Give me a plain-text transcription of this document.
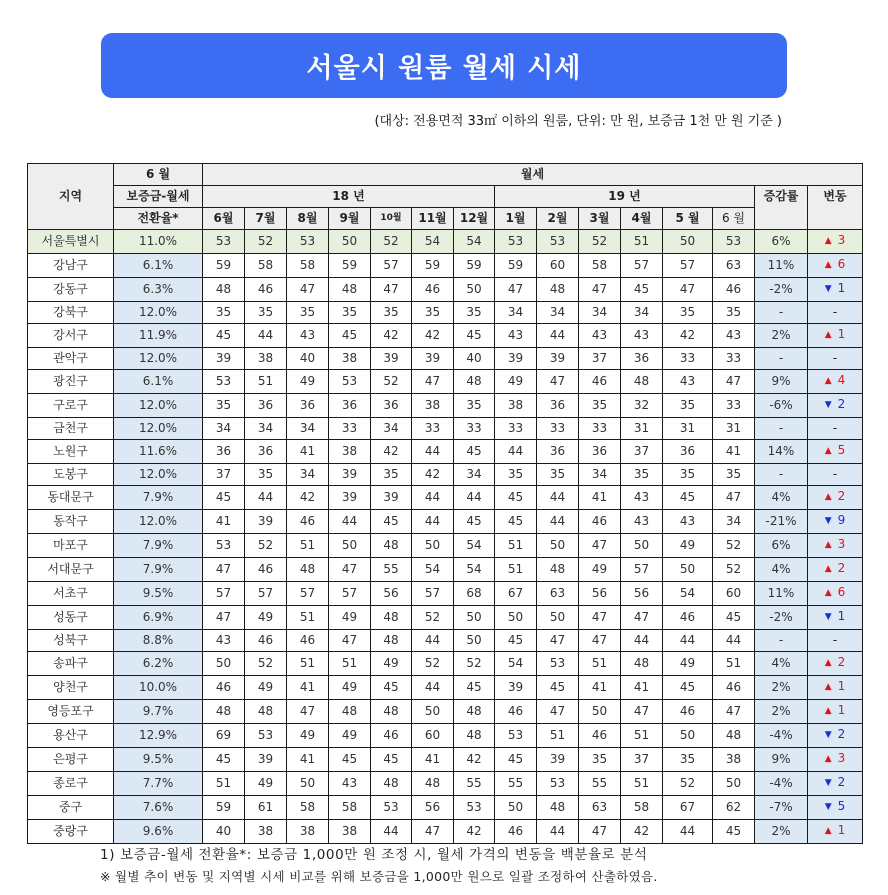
서울시 원룸 월세 시세
(대상: 전용면적 33㎡ 이하의 원룸, 단위: 만 원, 보증금 1천 만 원 기준 )
지역	6 월	월세														
	보증금-월세	18 년							19 년						증감률	변동
	전환율*	6월	7월	8월	9월	10월	11월	12월	1월	2월	3월	4월	5 월	6 월		
서울특별시	11.0%	53	52	53	50	52	54	54	53	53	52	51	50	53	6%	▲ 3
강남구	6.1%	59	58	58	59	57	59	59	59	60	58	57	57	63	11%	▲ 6
강동구	6.3%	48	46	47	48	47	46	50	47	48	47	45	47	46	-2%	▼ 1
강북구	12.0%	35	35	35	35	35	35	35	34	34	34	34	35	35	-	-
강서구	11.9%	45	44	43	45	42	42	45	43	44	43	43	42	43	2%	▲ 1
관악구	12.0%	39	38	40	38	39	39	40	39	39	37	36	33	33	-	-
광진구	6.1%	53	51	49	53	52	47	48	49	47	46	48	43	47	9%	▲ 4
구로구	12.0%	35	36	36	36	36	38	35	38	36	35	32	35	33	-6%	▼ 2
금천구	12.0%	34	34	34	33	34	33	33	33	33	33	31	31	31	-	-
노원구	11.6%	36	36	41	38	42	44	45	44	36	36	37	36	41	14%	▲ 5
도봉구	12.0%	37	35	34	39	35	42	34	35	35	34	35	35	35	-	-
동대문구	7.9%	45	44	42	39	39	44	44	45	44	41	43	45	47	4%	▲ 2
동작구	12.0%	41	39	46	44	45	44	45	45	44	46	43	43	34	-21%	▼ 9
마포구	7.9%	53	52	51	50	48	50	54	51	50	47	50	49	52	6%	▲ 3
서대문구	7.9%	47	46	48	47	55	54	54	51	48	49	57	50	52	4%	▲ 2
서초구	9.5%	57	57	57	57	56	57	68	67	63	56	56	54	60	11%	▲ 6
성동구	6.9%	47	49	51	49	48	52	50	50	50	47	47	46	45	-2%	▼ 1
성북구	8.8%	43	46	46	47	48	44	50	45	47	47	44	44	44	-	-
송파구	6.2%	50	52	51	51	49	52	52	54	53	51	48	49	51	4%	▲ 2
양천구	10.0%	46	49	41	49	45	44	45	39	45	41	41	45	46	2%	▲ 1
영등포구	9.7%	48	48	47	48	48	50	48	46	47	50	47	46	47	2%	▲ 1
용산구	12.9%	69	53	49	49	46	60	48	53	51	46	51	50	48	-4%	▼ 2
은평구	9.5%	45	39	41	45	45	41	42	45	39	35	37	35	38	9%	▲ 3
종로구	7.7%	51	49	50	43	48	48	55	55	53	55	51	52	50	-4%	▼ 2
중구	7.6%	59	61	58	58	53	56	53	50	48	63	58	67	62	-7%	▼ 5
중랑구	9.6%	40	38	38	38	44	47	42	46	44	47	42	44	45	2%	▲ 1
1) 보증금-월세 전환율*: 보증금 1,000만 원 조정 시, 월세 가격의 변동을 백분율로 분석
※ 월별 추이 변동 및 지역별 시세 비교를 위해 보증금을 1,000만 원으로 일괄 조정하여 산출하였음.
